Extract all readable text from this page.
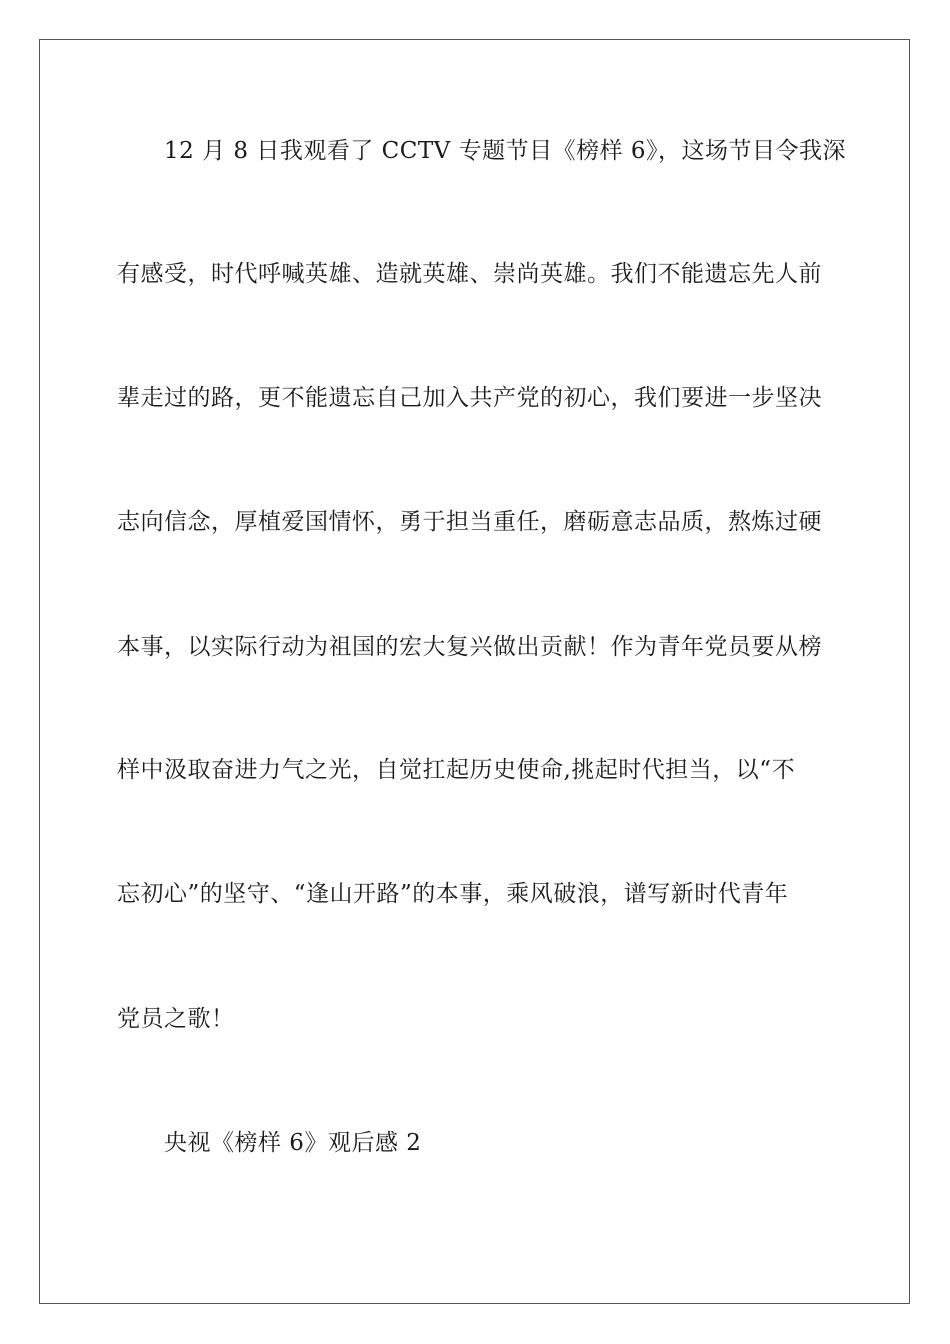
12 月 8 日我观看了 CCTV 专题节目《榜样 6》，这场节目令我深
有感受，时代呼喊英雄、造就英雄、崇尚英雄。我们不能遗忘先人前
辈走过的路，更不能遗忘自己加入共产党的初心，我们要进一步坚决
志向信念，厚植爱国情怀，勇于担当重任，磨砺意志品质，熬炼过硬
本事，以实际行动为祖国的宏大复兴做出贡献！作为青年党员要从榜
样中汲取奋进力气之光，自觉扛起历史使命,挑起时代担当，以“不
忘初心”的坚守、“逢山开路”的本事，乘风破浪，谱写新时代青年
党员之歌！
央视《榜样 6》观后感 2
